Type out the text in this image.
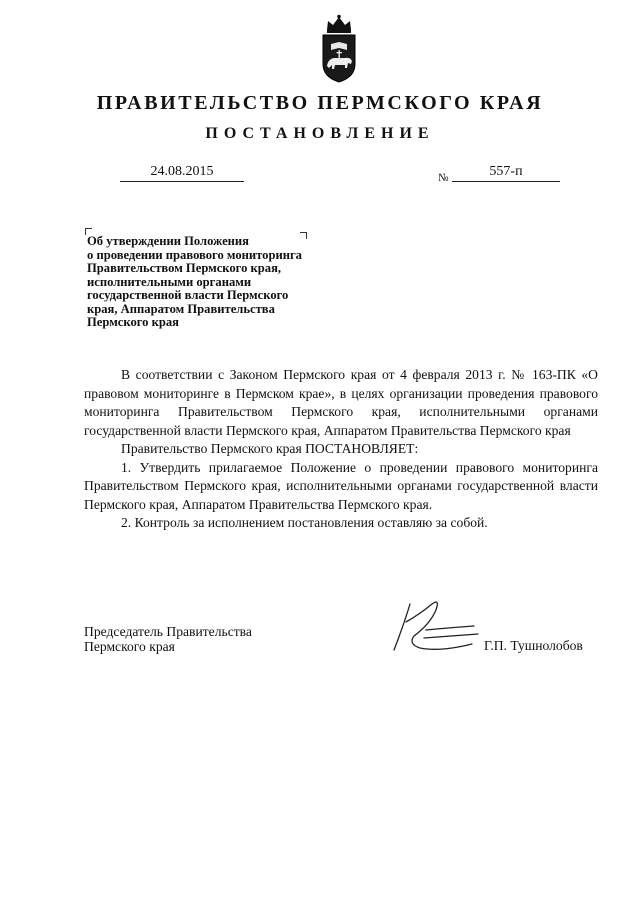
ПРАВИТЕЛЬСТВО ПЕРМСКОГО КРАЯ
ПОСТАНОВЛЕНИЕ
24.08.2015	№	557-п
Об утверждении Положения
о проведении правового мониторинга
Правительством Пермского края,
исполнительными органами
государственной власти Пермского
края, Аппаратом Правительства
Пермского края

В соответствии с Законом Пермского края от 4 февраля 2013 г. № 163-ПК «О правовом мониторинге в Пермском крае», в целях организации проведения правового мониторинга Правительством Пермского края, исполнительными органами государственной власти Пермского края, Аппаратом Правительства Пермского края

Правительство Пермского края ПОСТАНОВЛЯЕТ:

1. Утвердить прилагаемое Положение о проведении правового мониторинга Правительством Пермского края, исполнительными органами государственной власти Пермского края, Аппаратом Правительства Пермского края.

2. Контроль за исполнением постановления оставляю за собой.

Председатель Правительства
Пермского края	Г.П. Тушнолобов
